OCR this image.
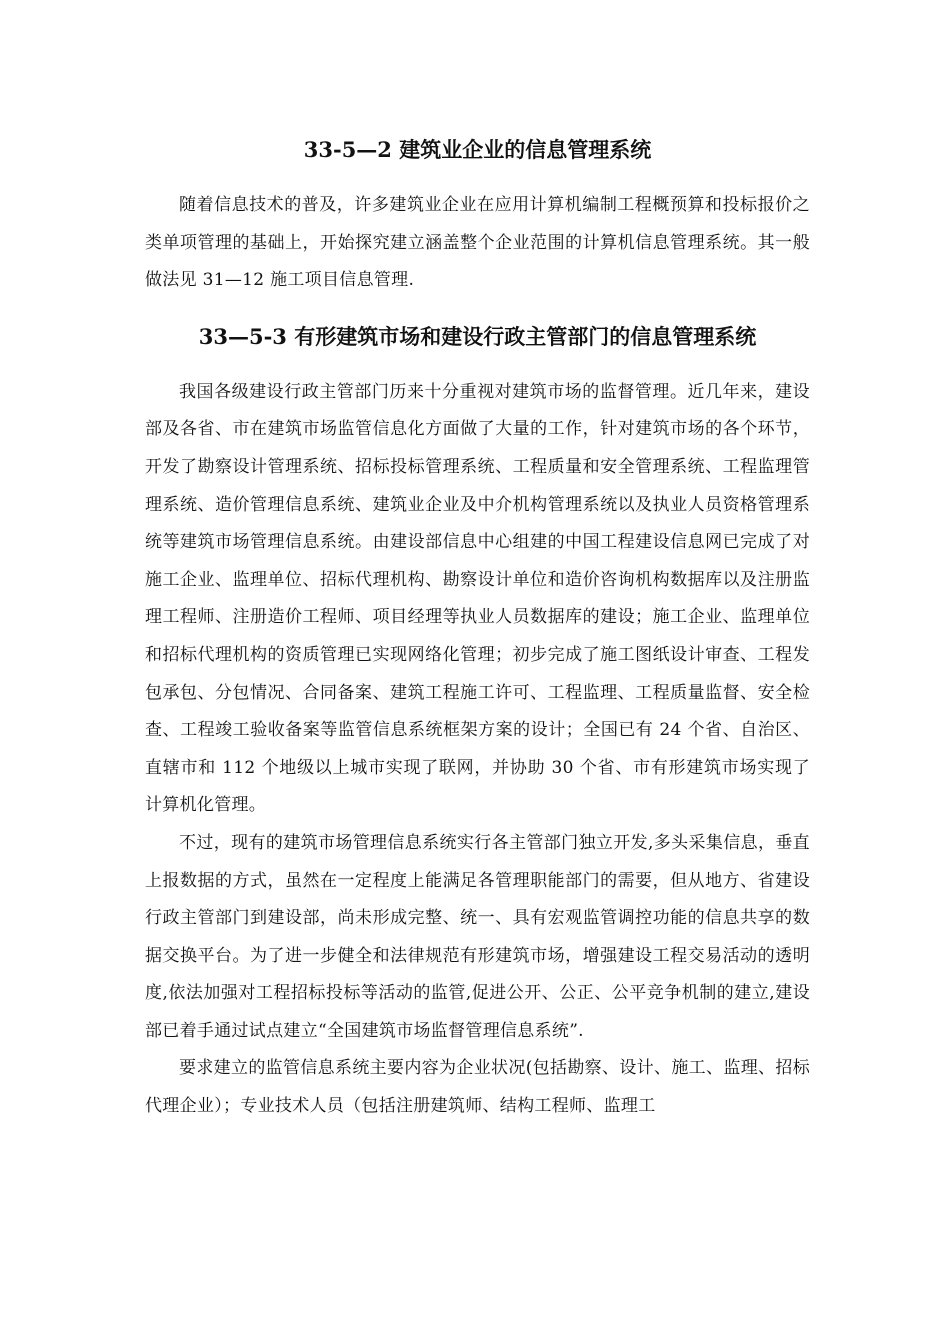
33-5—2 建筑业企业的信息管理系统

随着信息技术的普及，许多建筑业企业在应用计算机编制工程概预算和投标报价之类单项管理的基础上，开始探究建立涵盖整个企业范围的计算机信息管理系统。其一般做法见 31—12 施工项目信息管理.

33—5-3 有形建筑市场和建设行政主管部门的信息管理系统

我国各级建设行政主管部门历来十分重视对建筑市场的监督管理。近几年来，建设部及各省、市在建筑市场监管信息化方面做了大量的工作，针对建筑市场的各个环节，开发了勘察设计管理系统、招标投标管理系统、工程质量和安全管理系统、工程监理管理系统、造价管理信息系统、建筑业企业及中介机构管理系统以及执业人员资格管理系统等建筑市场管理信息系统。由建设部信息中心组建的中国工程建设信息网已完成了对施工企业、监理单位、招标代理机构、勘察设计单位和造价咨询机构数据库以及注册监理工程师、注册造价工程师、项目经理等执业人员数据库的建设；施工企业、监理单位和招标代理机构的资质管理已实现网络化管理；初步完成了施工图纸设计审查、工程发包承包、分包情况、合同备案、建筑工程施工许可、工程监理、工程质量监督、安全检查、工程竣工验收备案等监管信息系统框架方案的设计；全国已有 24 个省、自治区、直辖市和 112 个地级以上城市实现了联网，并协助 30 个省、市有形建筑市场实现了计算机化管理。

不过，现有的建筑市场管理信息系统实行各主管部门独立开发,多头采集信息，垂直上报数据的方式，虽然在一定程度上能满足各管理职能部门的需要，但从地方、省建设行政主管部门到建设部，尚未形成完整、统一、具有宏观监管调控功能的信息共享的数据交换平台。为了进一步健全和法律规范有形建筑市场，增强建设工程交易活动的透明度,依法加强对工程招标投标等活动的监管,促进公开、公正、公平竞争机制的建立,建设部已着手通过试点建立“全国建筑市场监督管理信息系统”.

要求建立的监管信息系统主要内容为企业状况(包括勘察、设计、施工、监理、招标代理企业）；专业技术人员（包括注册建筑师、结构工程师、监理工
